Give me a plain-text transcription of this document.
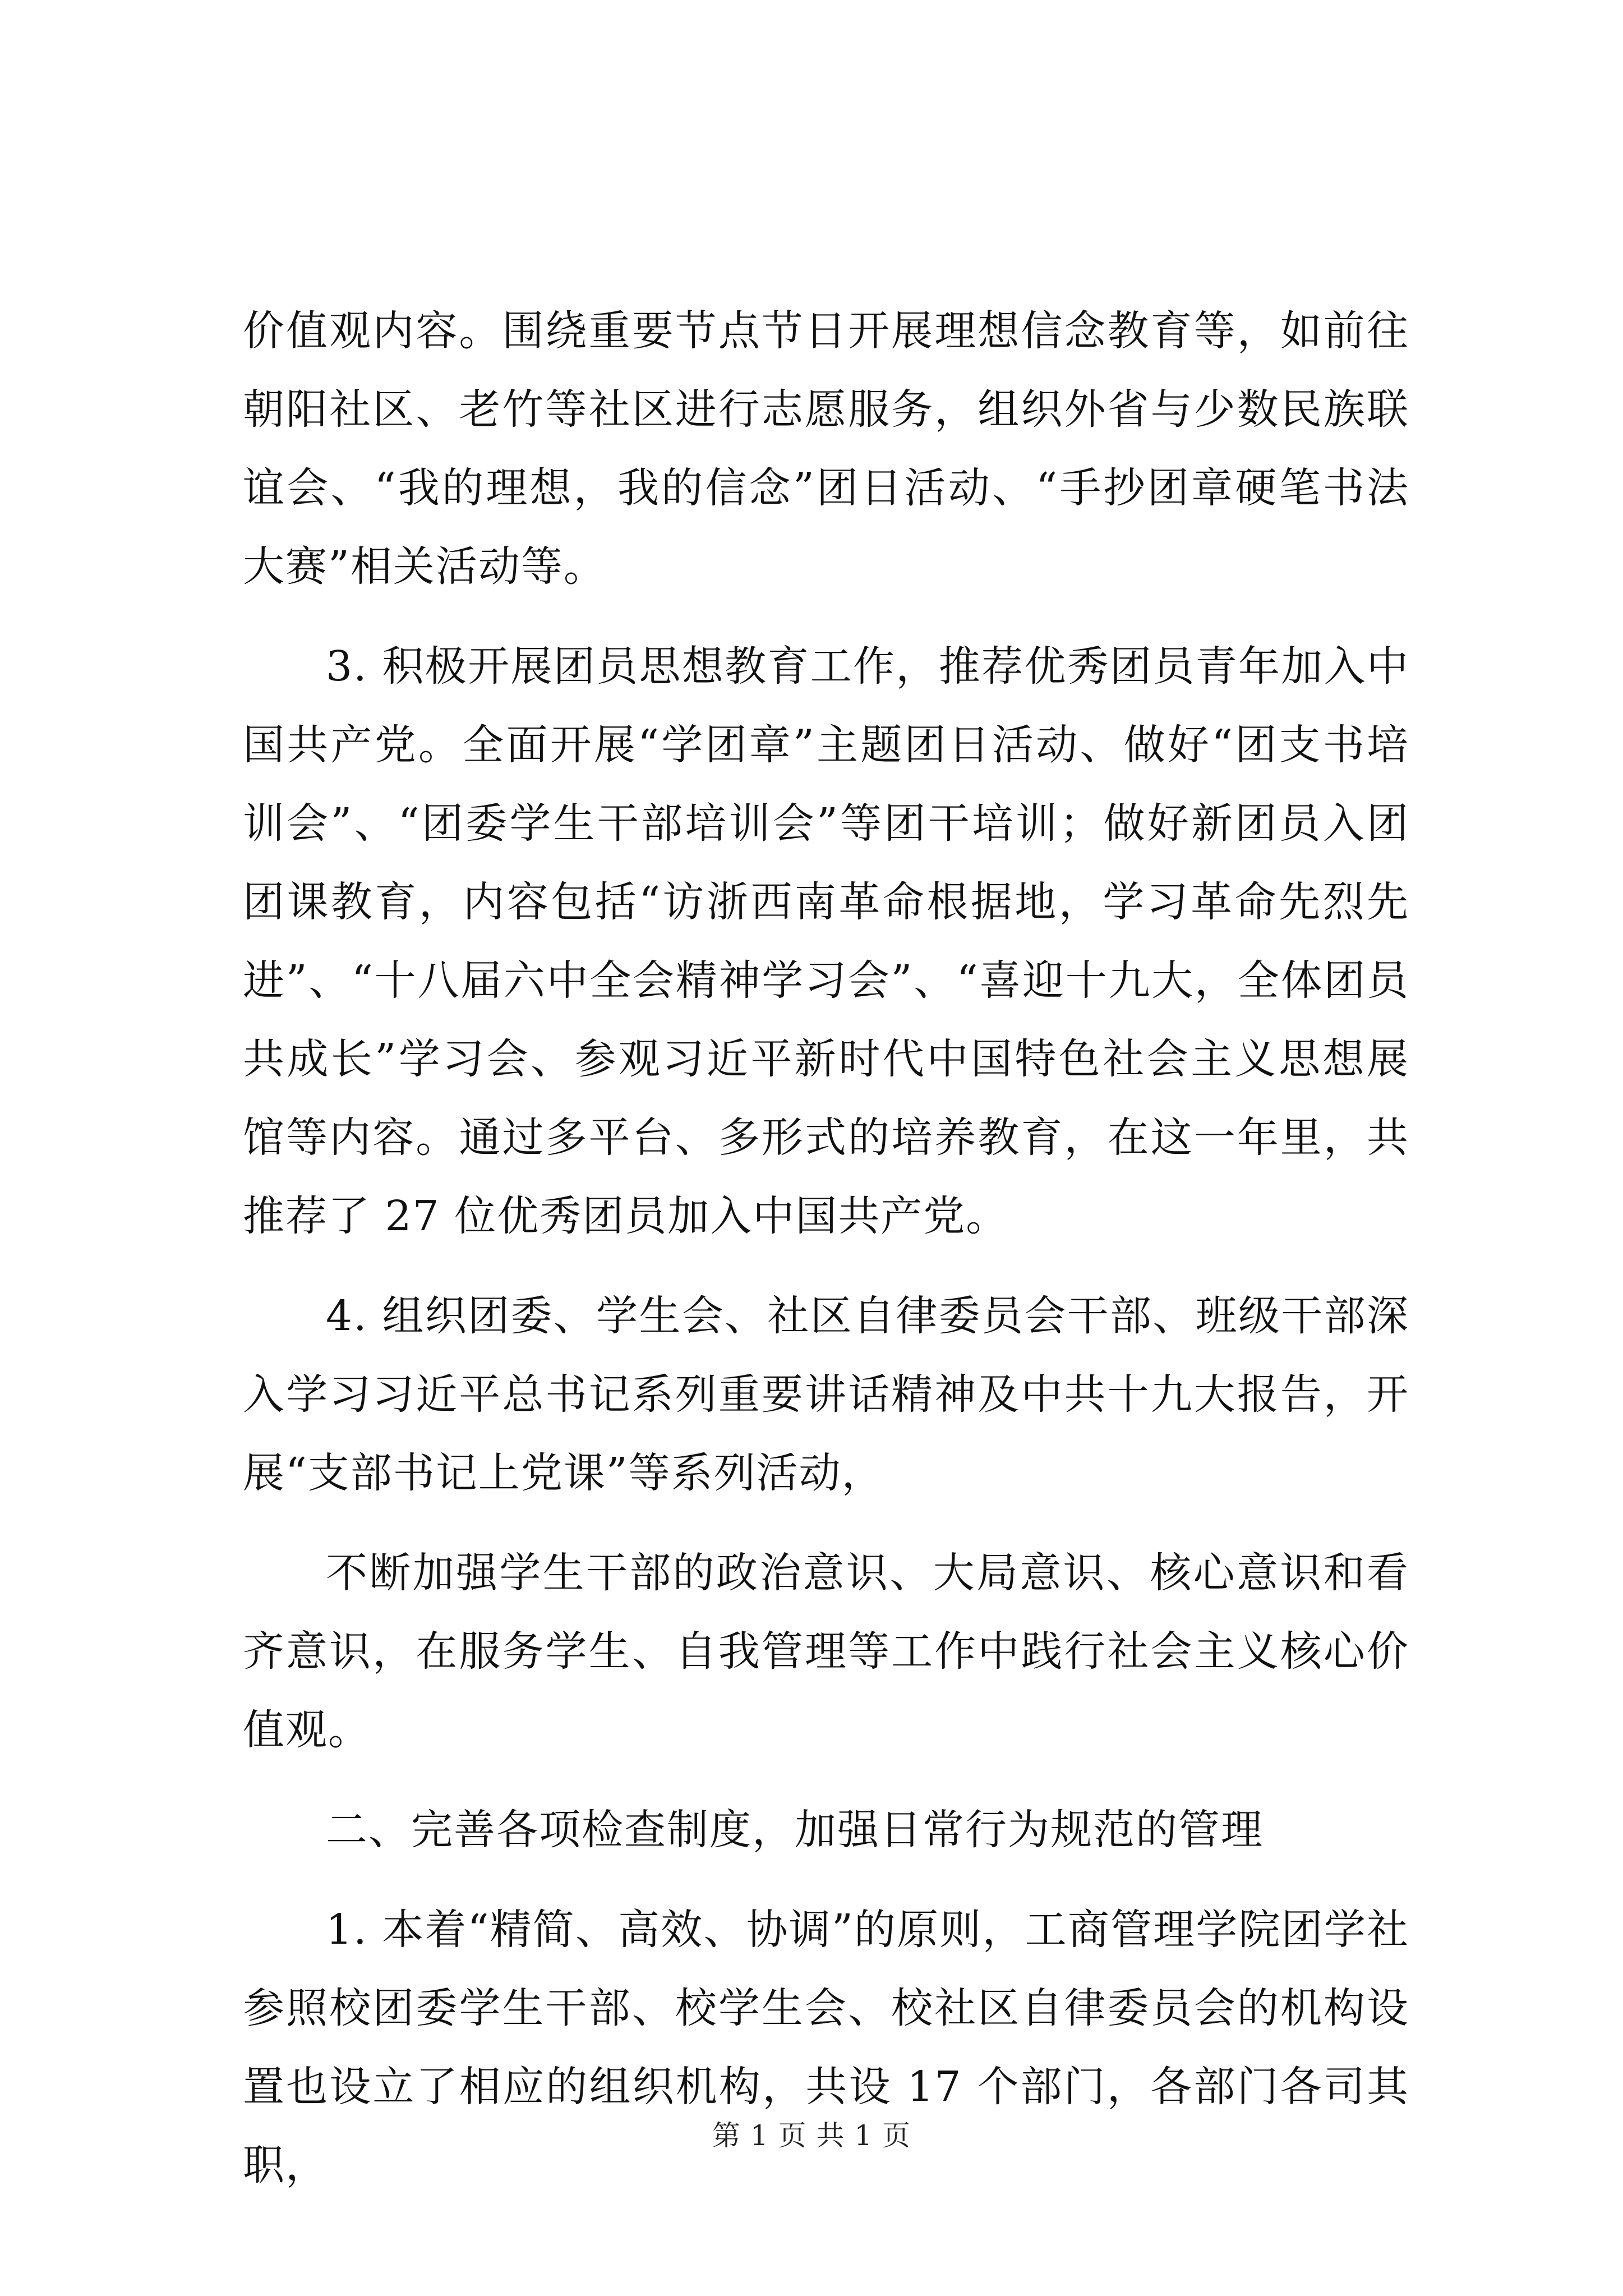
价值观内容。围绕重要节点节日开展理想信念教育等，如前往朝阳社区、老竹等社区进行志愿服务，组织外省与少数民族联谊会、“我的理想，我的信念”团日活动、“手抄团章硬笔书法大赛”相关活动等。

3. 积极开展团员思想教育工作，推荐优秀团员青年加入中国共产党。全面开展“学团章”主题团日活动、做好“团支书培训会”、“团委学生干部培训会”等团干培训；做好新团员入团团课教育，内容包括“访浙西南革命根据地，学习革命先烈先进”、“十八届六中全会精神学习会”、“喜迎十九大，全体团员共成长”学习会、参观习近平新时代中国特色社会主义思想展馆等内容。通过多平台、多形式的培养教育，在这一年里，共推荐了 27 位优秀团员加入中国共产党。

4. 组织团委、学生会、社区自律委员会干部、班级干部深入学习习近平总书记系列重要讲话精神及中共十九大报告，开展“支部书记上党课”等系列活动，

不断加强学生干部的政治意识、大局意识、核心意识和看齐意识，在服务学生、自我管理等工作中践行社会主义核心价值观。

二、完善各项检查制度，加强日常行为规范的管理

1. 本着“精简、高效、协调”的原则，工商管理学院团学社参照校团委学生干部、校学生会、校社区自律委员会的机构设置也设立了相应的组织机构，共设 17 个部门，各部门各司其职，

第 1 页 共 1 页
